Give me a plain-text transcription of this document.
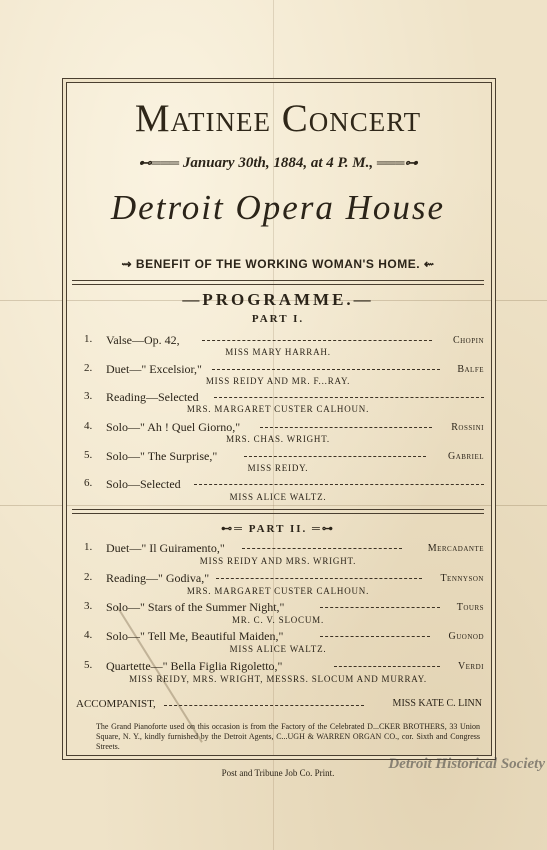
Matinee Concert
⊷═══ January 30th, 1884, at 4 P. M., ═══⊶
Detroit Opera House
⇝ BENEFIT OF THE WORKING WOMAN'S HOME. ⇜
—PROGRAMME.—
PART I.
1.	Valse—Op. 42,	Chopin
MISS MARY HARRAH.
2.	Duet—" Excelsior,"	Balfe
MISS REIDY AND MR. F...RAY.
3.	Reading—Selected
MRS. MARGARET CUSTER CALHOUN.
4.	Solo—" Ah ! Quel Giorno,"	Rossini
MRS. CHAS. WRIGHT.
5.	Solo—" The Surprise,"	Gabriel
MISS REIDY.
6.	Solo—Selected
MISS ALICE WALTZ.
⊷═ PART II. ═⊶
1.	Duet—" Il Guiramento,"	Mercadante
MISS REIDY AND MRS. WRIGHT.
2.	Reading—" Godiva,"	Tennyson
MRS. MARGARET CUSTER CALHOUN.
3.	Solo—" Stars of the Summer Night,"	Tours
MR. C. V. SLOCUM.
4.	Solo—" Tell Me, Beautiful Maiden,"	Guonod
MISS ALICE WALTZ.
5.	Quartette—" Bella Figlia Rigoletto,"	Verdi
MISS REIDY, MRS. WRIGHT, MESSRS. SLOCUM AND MURRAY.
ACCOMPANIST,	MISS KATE C. LINN
The Grand Pianoforte used on this occasion is from the Factory of the Celebrated D...CKER BROTHERS, 33 Union Square, N. Y., kindly furnished by the Detroit Agents, C...UGH & WARREN ORGAN CO., cor. Sixth and Congress Streets.
Post and Tribune Job Co. Print.
Detroit Historical Society
